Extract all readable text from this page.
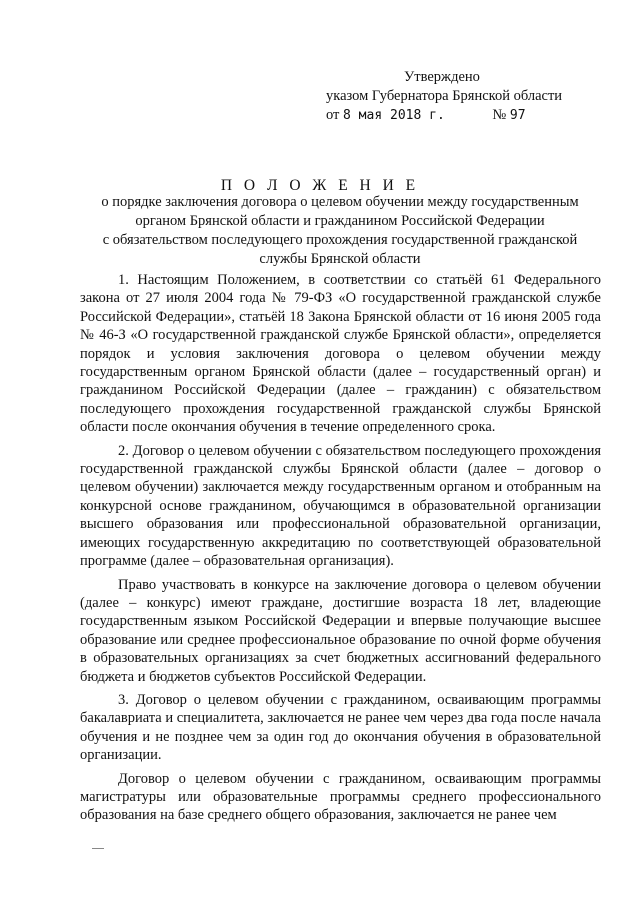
Утверждено
указом Губернатора Брянской области
от 8 мая 2018 г.	№ 97
П О Л О Ж Е Н И Е
о порядке заключения договора о целевом обучении между государственным
органом Брянской области и гражданином Российской Федерации
с обязательством последующего прохождения государственной гражданской
службы Брянской области

1. Настоящим Положением, в соответствии со статьёй 61 Федерального закона от 27 июля 2004 года № 79-ФЗ «О государственной гражданской службе Российской Федерации», статьёй 18 Закона Брянской области от 16 июня 2005 года № 46-З «О государственной гражданской службе Брянской области», определяется порядок и условия заключения договора о целевом обучении между государственным органом Брянской области (далее – государственный орган) и гражданином Российской Федерации (далее – гражданин) с обязательством последующего прохождения государственной гражданской службы Брянской области после окончания обучения в течение определенного срока.

2. Договор о целевом обучении с обязательством последующего прохождения государственной гражданской службы Брянской области (далее – договор о целевом обучении) заключается между государственным органом и отобранным на конкурсной основе гражданином, обучающимся в образовательной организации высшего образования или профессиональной образовательной организации, имеющих государственную аккредитацию по соответствующей образовательной программе (далее – образовательная организация).

Право участвовать в конкурсе на заключение договора о целевом обучении (далее – конкурс) имеют граждане, достигшие возраста 18 лет, владеющие государственным языком Российской Федерации и впервые получающие высшее образование или среднее профессиональное образование по очной форме обучения в образовательных организациях за счет бюджетных ассигнований федерального бюджета и бюджетов субъектов Российской Федерации.

3. Договор о целевом обучении с гражданином, осваивающим программы бакалавриата и специалитета, заключается не ранее чем через два года после начала обучения и не позднее чем за один год до окончания обучения в образовательной организации.

Договор о целевом обучении с гражданином, осваивающим программы магистратуры или образовательные программы среднего профессионального образования на базе среднего общего образования, заключается не ранее чем
